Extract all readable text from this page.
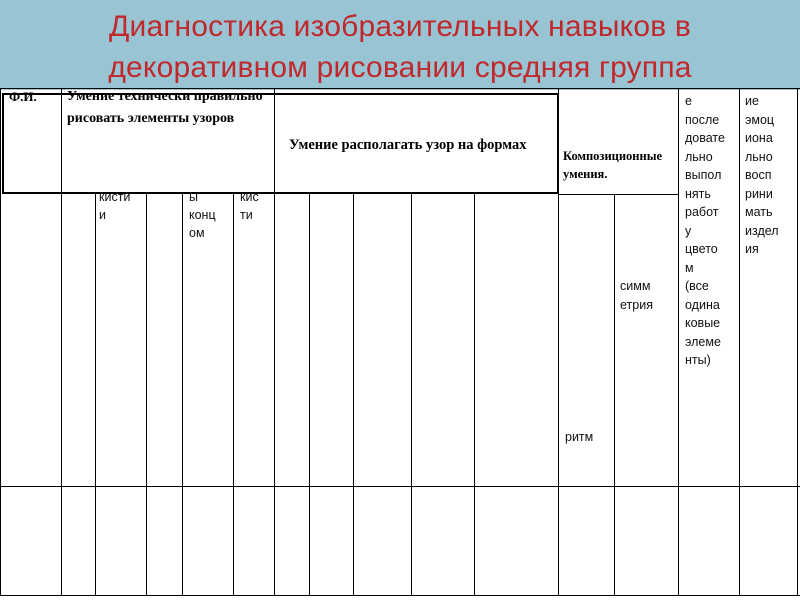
Диагностика изобразительных навыков в декоративном рисовании средняя группа
Ф.И. Умение технически правильно рисовать элементы узоров
Умение располагать узор на формах
Композиционные умения.
е
после
довате
льно
выпол
нять
работ
у
цвето
м
(все
одина
ковые
элеме
нты)
ие
эмоц
иона
льно
восп
рини
мать
издел
ия
кисти и
ы
конц
ом
кис
ти
симм
етрия
ритм
